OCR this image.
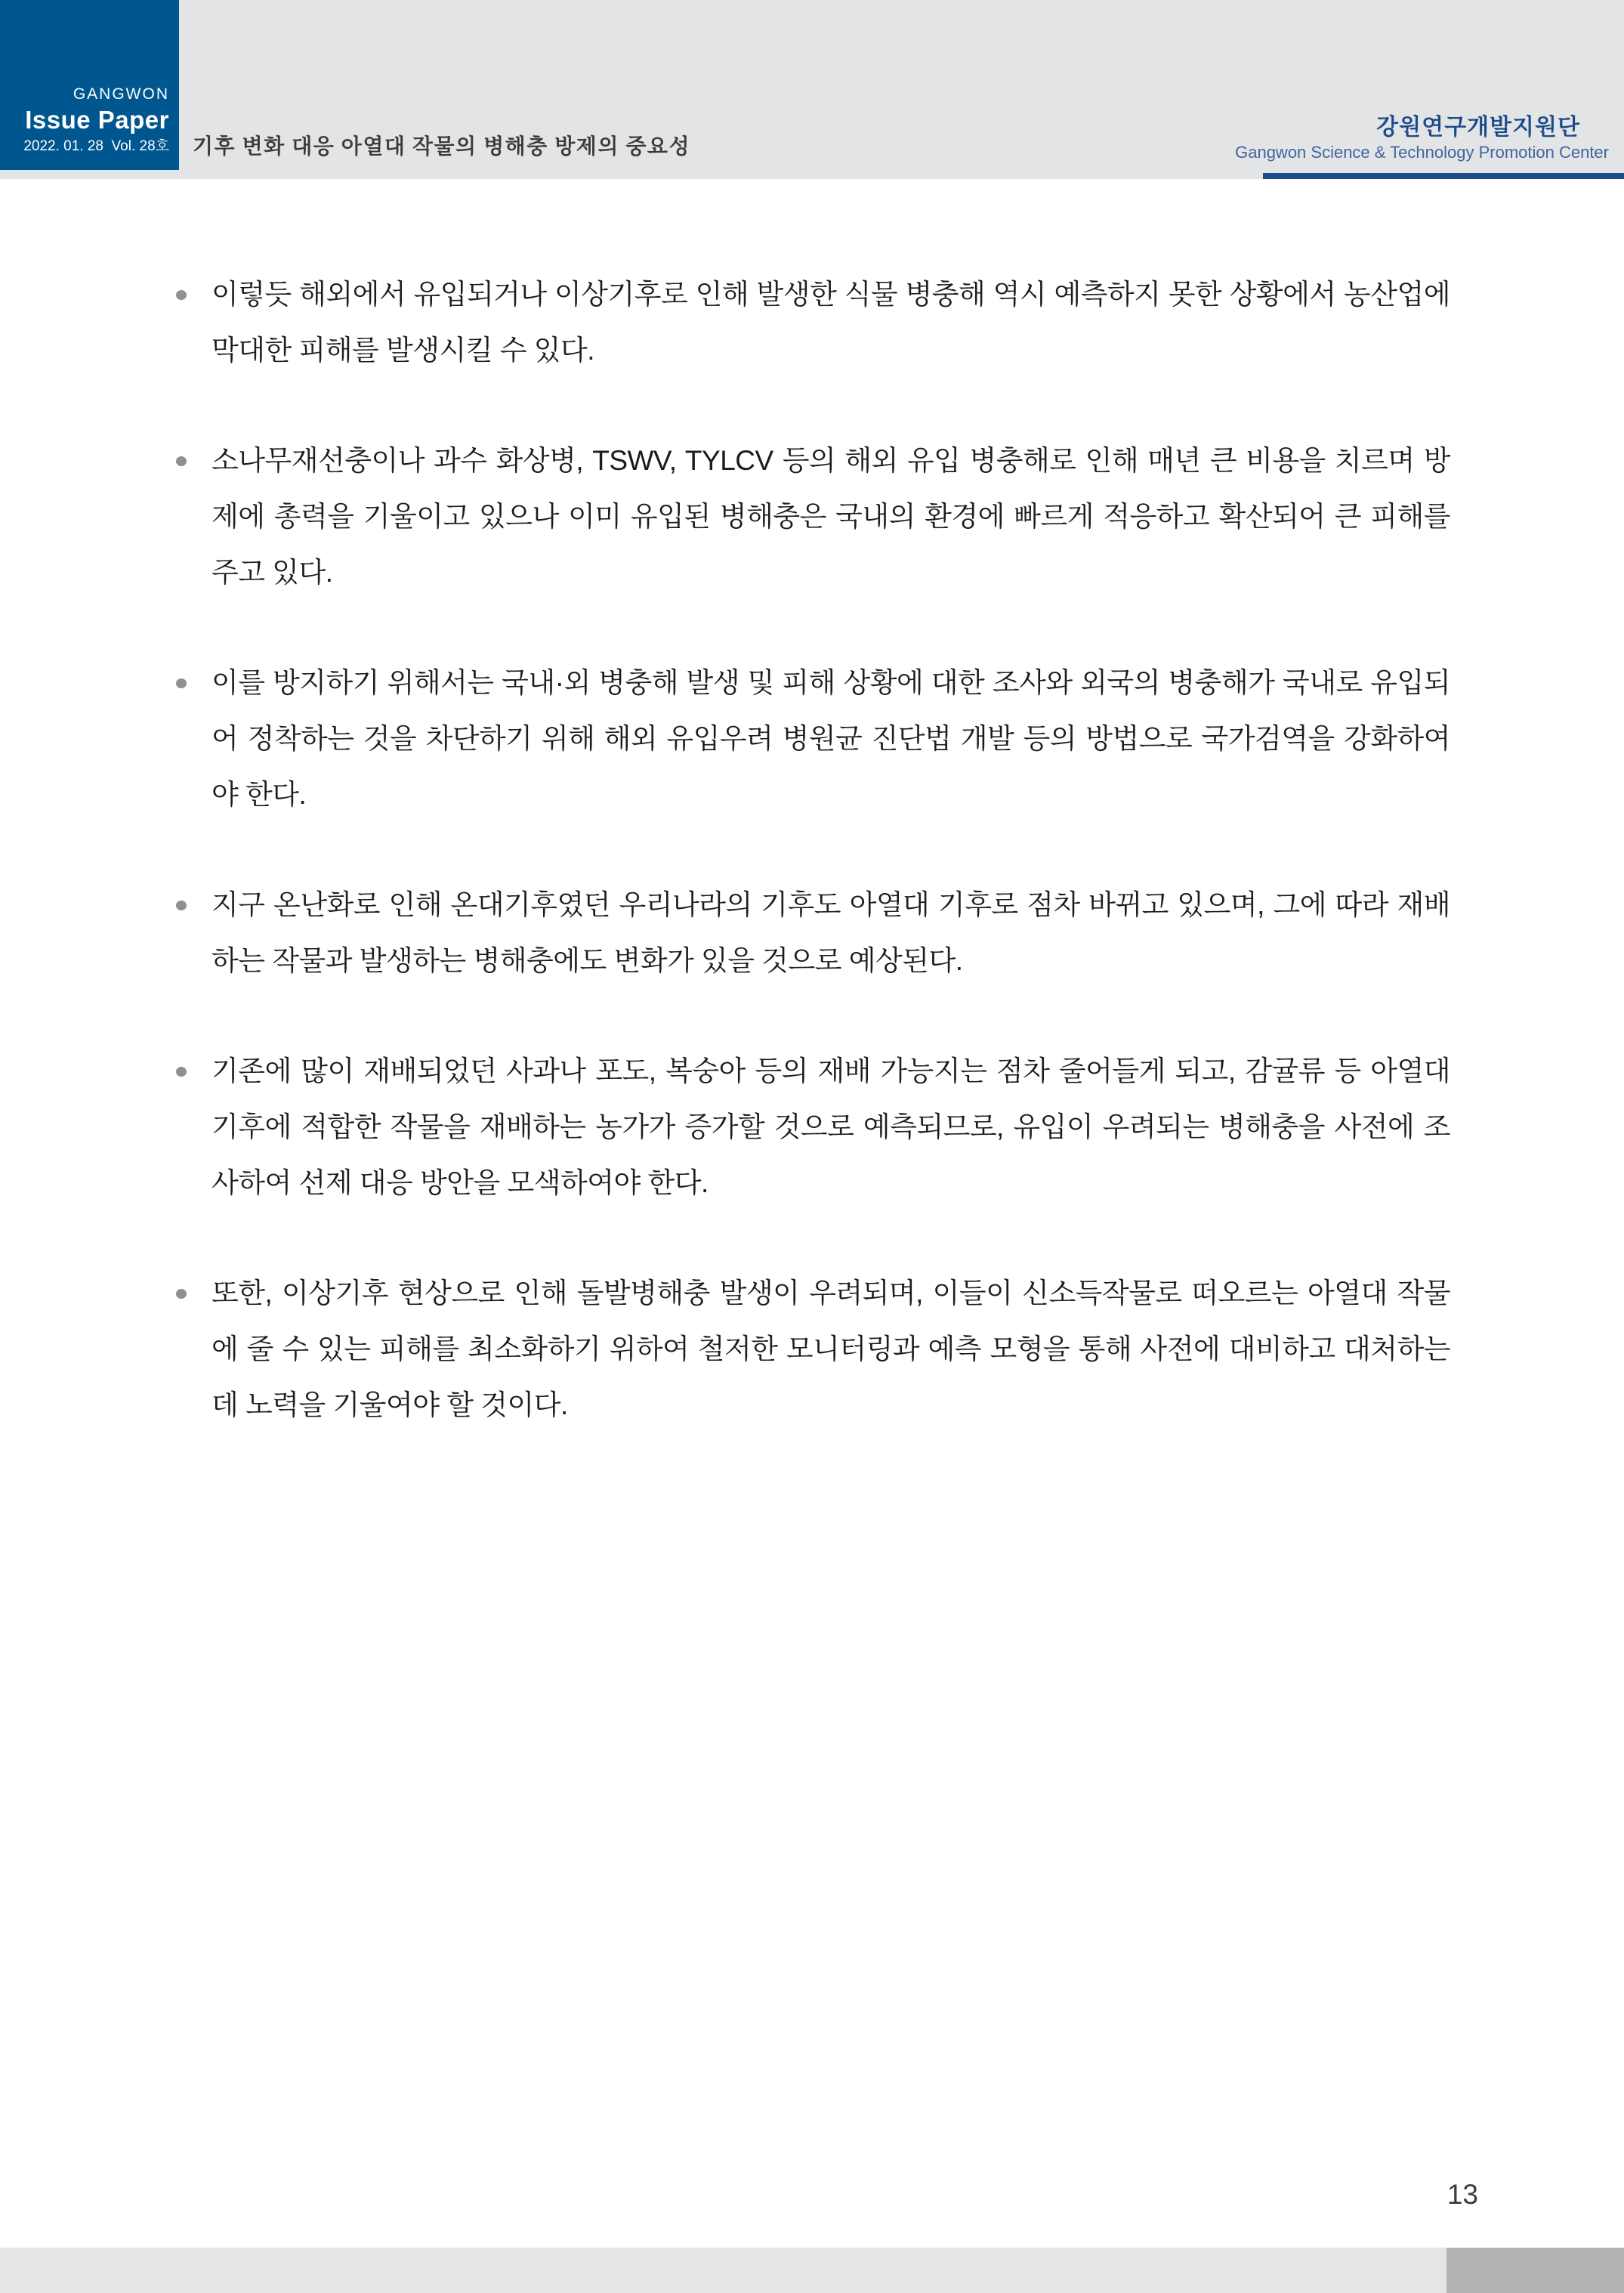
GANGWON
Issue Paper
2022. 01. 28  Vol. 28호 기후 변화 대응 아열대 작물의 병해충 방제의 중요성
강원연구개발지원단
Gangwon Science & Technology Promotion Center
이렇듯 해외에서 유입되거나 이상기후로 인해 발생한 식물 병충해 역시 예측하지 못한 상황에서 농산업에 막대한 피해를 발생시킬 수 있다.
소나무재선충이나 과수 화상병, TSWV, TYLCV 등의 해외 유입 병충해로 인해 매년 큰 비용을 치르며 방제에 총력을 기울이고 있으나 이미 유입된 병해충은 국내의 환경에 빠르게 적응하고 확산되어 큰 피해를 주고 있다.
이를 방지하기 위해서는 국내·외 병충해 발생 및 피해 상황에 대한 조사와 외국의 병충해가 국내로 유입되어 정착하는 것을 차단하기 위해 해외 유입우려 병원균 진단법 개발 등의 방법으로 국가검역을 강화하여야 한다.
지구 온난화로 인해 온대기후였던 우리나라의 기후도 아열대 기후로 점차 바뀌고 있으며, 그에 따라 재배하는 작물과 발생하는 병해충에도 변화가 있을 것으로 예상된다.
기존에 많이 재배되었던 사과나 포도, 복숭아 등의 재배 가능지는 점차 줄어들게 되고, 감귤류 등 아열대 기후에 적합한 작물을 재배하는 농가가 증가할 것으로 예측되므로, 유입이 우려되는 병해충을 사전에 조사하여 선제 대응 방안을 모색하여야 한다.
또한, 이상기후 현상으로 인해 돌발병해충 발생이 우려되며, 이들이 신소득작물로 떠오르는 아열대 작물에 줄 수 있는 피해를 최소화하기 위하여 철저한 모니터링과 예측 모형을 통해 사전에 대비하고 대처하는 데 노력을 기울여야 할 것이다.
13
